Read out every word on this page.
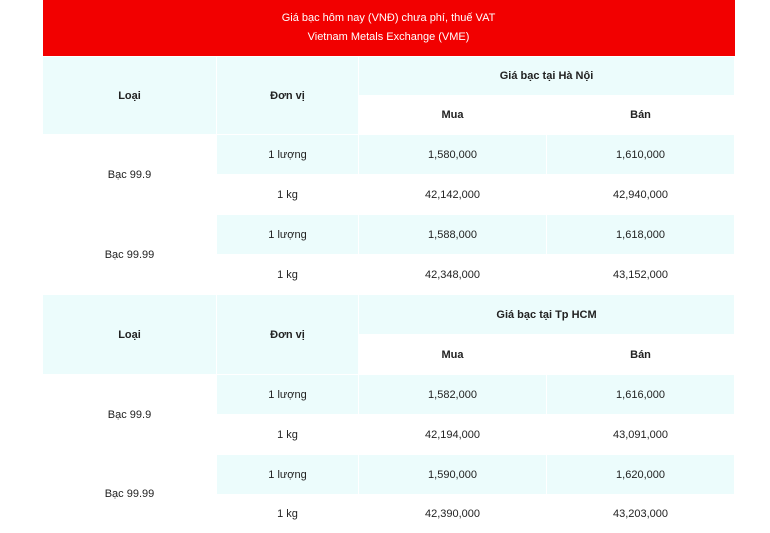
Giá bạc hôm nay (VNĐ) chưa phí, thuế VAT
Vietnam Metals Exchange (VME)			

Loại	Đơn vị	Giá bạc tại Hà Nội	
		Mua	Bán
Bạc 99.9	1 lượng	1,580,000	1,610,000
	1 kg	42,142,000	42,940,000
Bạc 99.99	1 lượng	1,588,000	1,618,000
	1 kg	42,348,000	43,152,000
Loại	Đơn vị	Giá bạc tại Tp HCM	
		Mua	Bán
Bạc 99.9	1 lượng	1,582,000	1,616,000
	1 kg	42,194,000	43,091,000
Bạc 99.99	1 lượng	1,590,000	1,620,000
	1 kg	42,390,000	43,203,000
